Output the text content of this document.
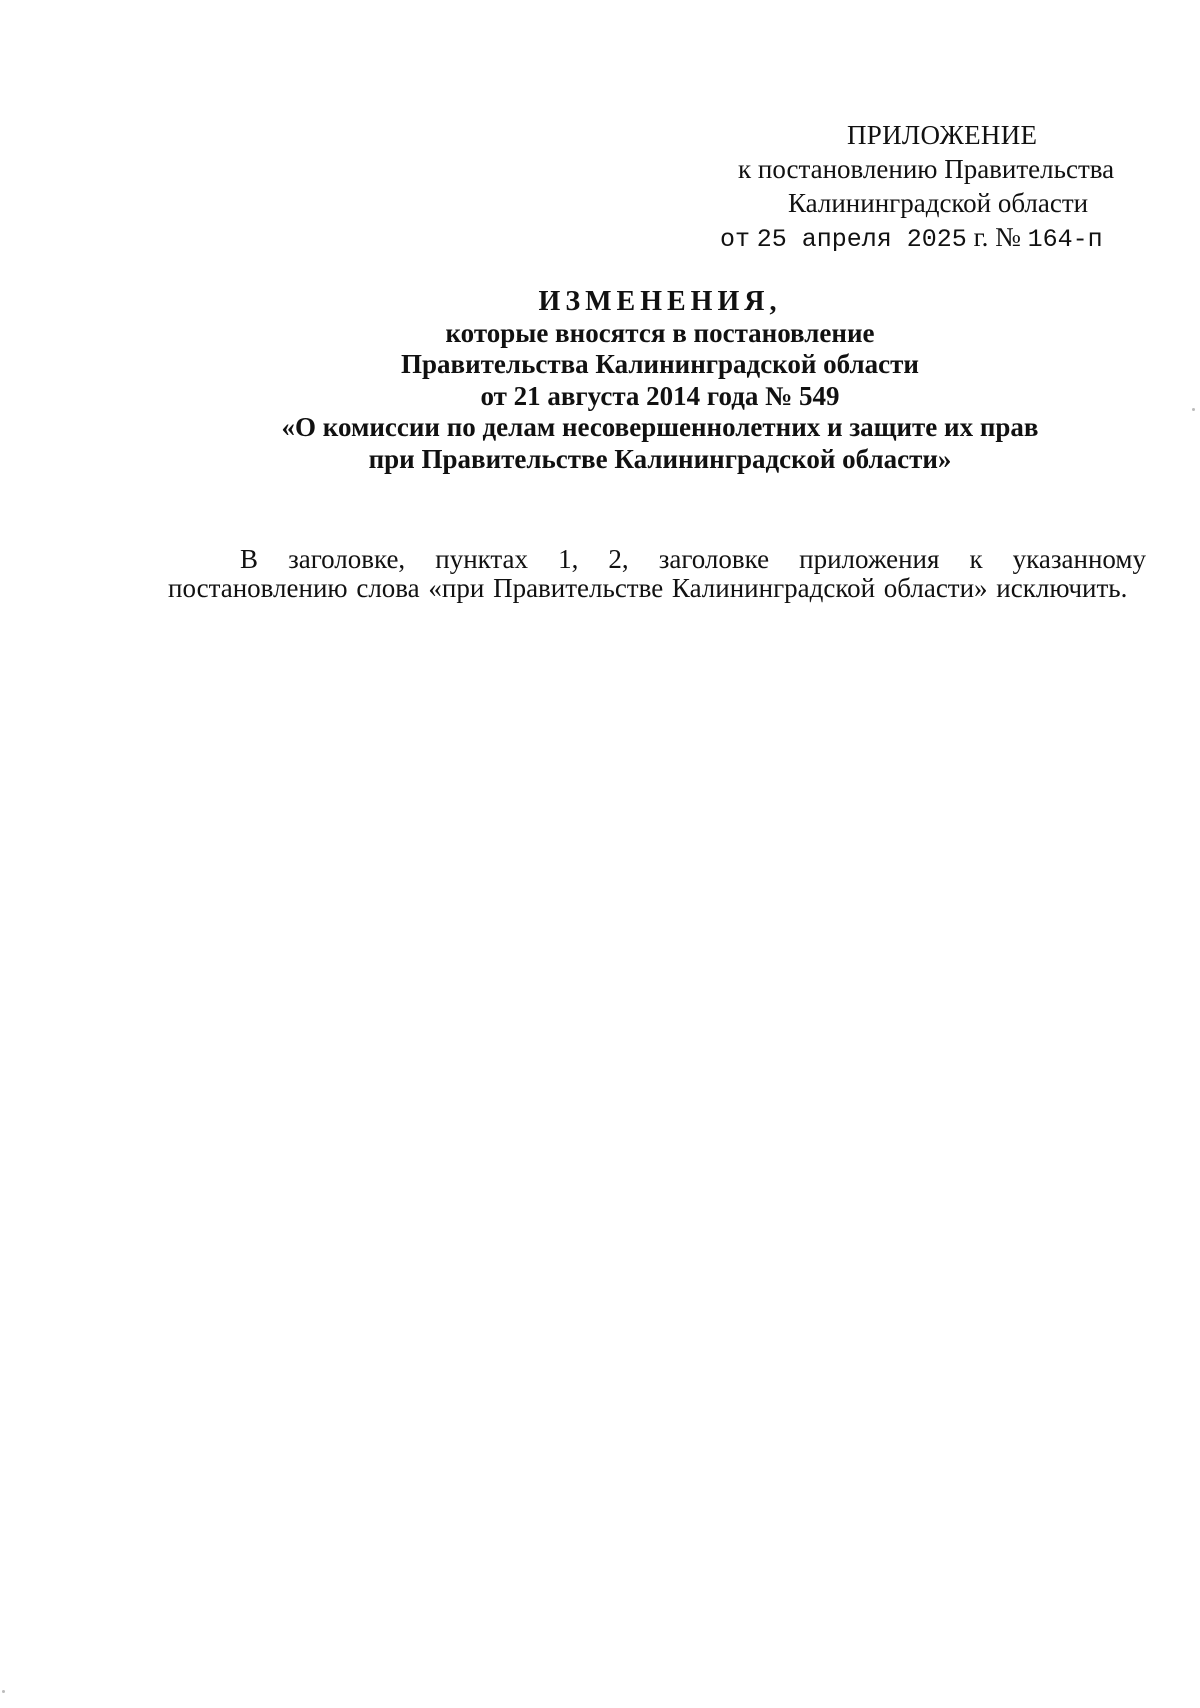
ПРИЛОЖЕНИЕ
к постановлению Правительства
Калининградской области
от 25 апреля 2025 г. № 164-п
ИЗМЕНЕНИЯ,
которые вносятся в постановление
Правительства Калининградской области
от 21 августа 2014 года № 549
«О комиссии по делам несовершеннолетних и защите их прав
при Правительстве Калининградской области»

В заголовке, пунктах 1, 2, заголовке приложения к указанному постановлению слова «при Правительстве Калининградской области» исключить.
